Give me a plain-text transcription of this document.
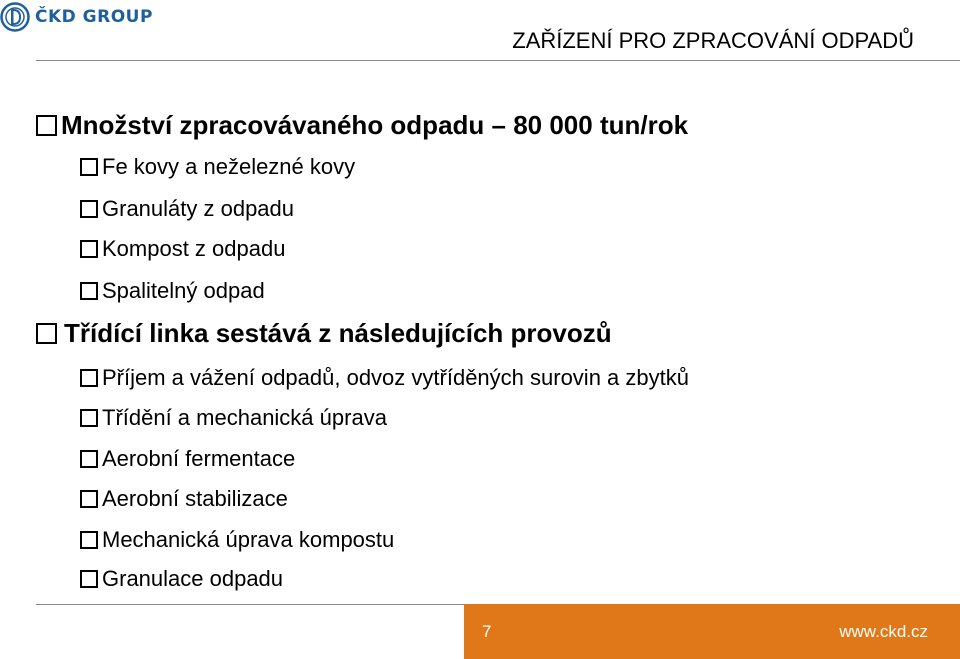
ČKD GROUP
ZAŘÍZENÍ PRO ZPRACOVÁNÍ ODPADŮ
Množství zpracovávaného odpadu – 80 000 tun/rok
Fe kovy a neželezné kovy
Granuláty z odpadu
Kompost z odpadu
Spalitelný odpad
Třídící linka sestává z následujících provozů
Příjem a vážení odpadů, odvoz vytříděných surovin a zbytků
Třídění a mechanická úprava
Aerobní fermentace
Aerobní stabilizace
Mechanická úprava kompostu
Granulace odpadu
7	www.ckd.cz
